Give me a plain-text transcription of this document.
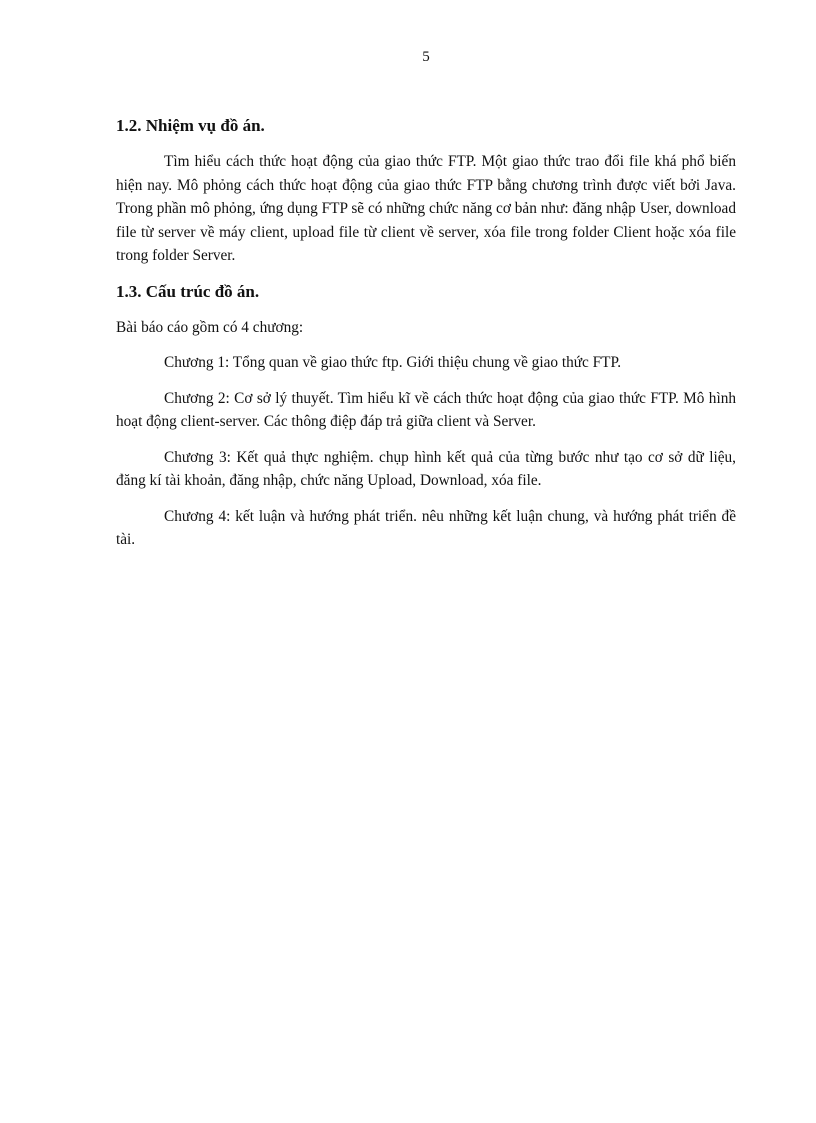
5
1.2. Nhiệm vụ đồ án.

Tìm hiểu cách thức hoạt động của giao thức FTP. Một giao thức trao đổi file khá phổ biến hiện nay. Mô phỏng cách thức hoạt động của giao thức FTP bằng chương trình được viết bởi Java. Trong phần mô phỏng, ứng dụng FTP sẽ có những chức năng cơ bản như: đăng nhập User, download file từ server về máy client, upload file từ client về server, xóa file trong folder Client hoặc xóa file trong folder Server.

1.3. Cấu trúc đồ án.

Bài báo cáo gồm có 4 chương:

Chương 1: Tổng quan về giao thức ftp. Giới thiệu chung về giao thức FTP.

Chương 2: Cơ sở lý thuyết. Tìm hiểu kĩ về cách thức hoạt động của giao thức FTP. Mô hình hoạt động client-server. Các thông điệp đáp trả giữa client và Server.

Chương 3: Kết quả thực nghiệm. chụp hình kết quả của từng bước như tạo cơ sở dữ liệu, đăng kí tài khoản, đăng nhập, chức năng Upload, Download, xóa file.

Chương 4: kết luận và hướng phát triển. nêu những kết luận chung, và hướng phát triển đề tài.
